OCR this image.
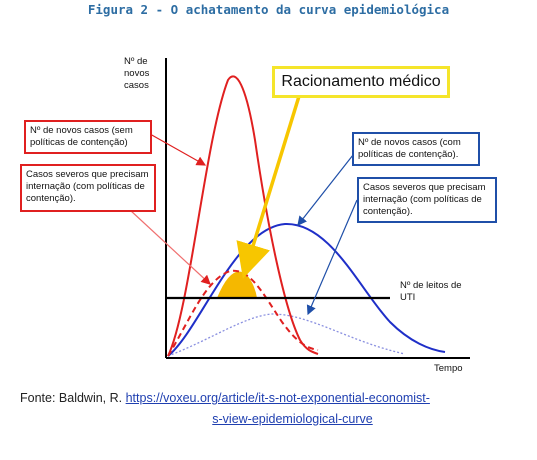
Figura 2 - O achatamento da curva epidemiológica
Nº de novos casos
Tempo
Nº de leitos de UTI
Racionamento médico
Nº de novos casos (sem políticas de contenção)
Casos severos que precisam internação (com políticas de contenção).
Nº de novos casos (com políticas de contenção).
Casos severos que precisam internação (com políticas de contenção).
Fonte: Baldwin, R. https://voxeu.org/article/it-s-not-exponential-economist-
s-view-epidemiological-curve
